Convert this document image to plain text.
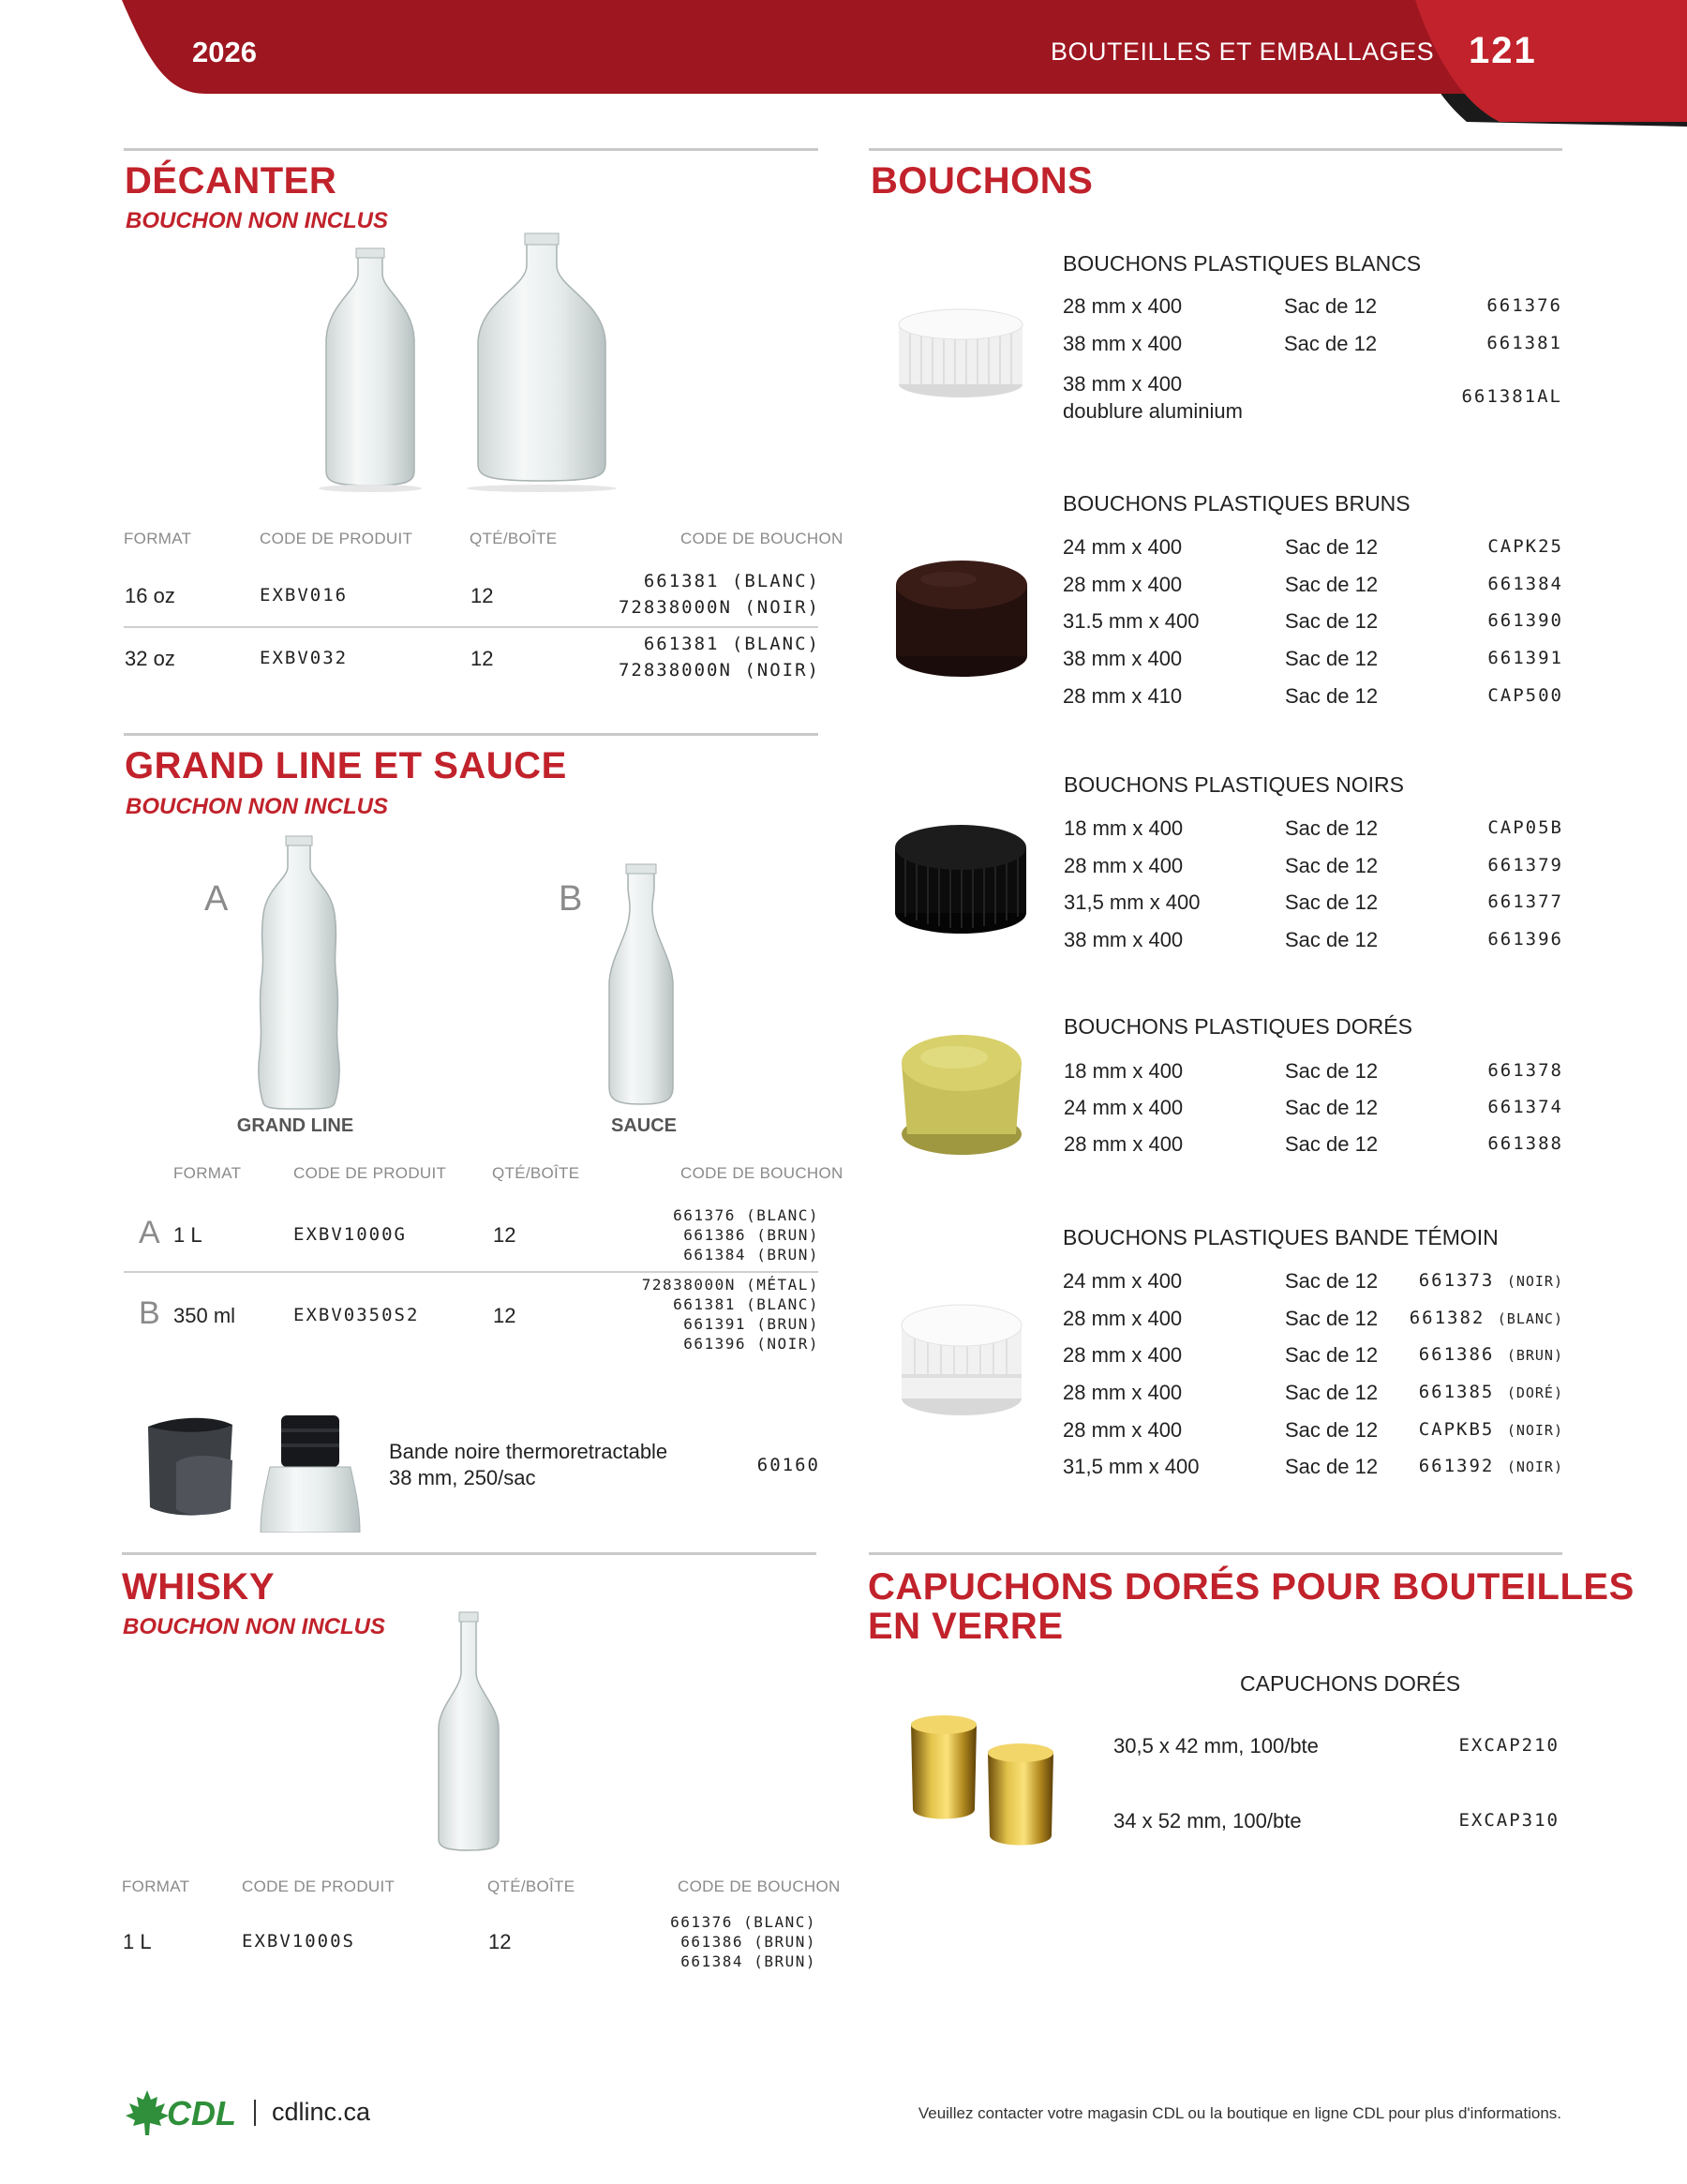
2026	BOUTEILLES ET EMBALLAGES 121
DÉCANTER
BOUCHON NON INCLUS
FORMAT	CODE DE PRODUIT	QTÉ/BOÎTE	CODE DE BOUCHON
16 oz	EXBV016	12
661381 (BLANC)
72838000N (NOIR)
32 oz	EXBV032	12
661381 (BLANC)
72838000N (NOIR)
GRAND LINE ET SAUCE
BOUCHON NON INCLUS
A	B
GRAND LINE	SAUCE
FORMAT	CODE DE PRODUIT	QTÉ/BOÎTE	CODE DE BOUCHON
A 1 L	EXBV1000G	12
661376 (BLANC)
661386 (BRUN)
661384 (BRUN)
B 350 ml	EXBV0350S2	12
72838000N (MÉTAL)
661381 (BLANC)
661391 (BRUN)
661396 (NOIR)
Bande noire thermoretractable
38 mm, 250/sac
60160
WHISKY
BOUCHON NON INCLUS
FORMAT	CODE DE PRODUIT	QTÉ/BOÎTE	CODE DE BOUCHON
1 L	EXBV1000S	12
661376 (BLANC)
661386 (BRUN)
661384 (BRUN)
BOUCHONS
BOUCHONS PLASTIQUES BLANCS
28 mm x 400	Sac de 12	661376
38 mm x 400	Sac de 12	661381
38 mm x 400
doublure aluminium
661381AL
BOUCHONS PLASTIQUES BRUNS
24 mm x 400	Sac de 12	CAPK25
28 mm x 400	Sac de 12	661384
31.5 mm x 400	Sac de 12	661390
38 mm x 400	Sac de 12	661391
28 mm x 410	Sac de 12	CAP500
BOUCHONS PLASTIQUES NOIRS
18 mm x 400	Sac de 12	CAP05B
28 mm x 400	Sac de 12	661379
31,5 mm x 400	Sac de 12	661377
38 mm x 400	Sac de 12	661396
BOUCHONS PLASTIQUES DORÉS
18 mm x 400	Sac de 12	661378
24 mm x 400	Sac de 12	661374
28 mm x 400	Sac de 12	661388
BOUCHONS PLASTIQUES BANDE TÉMOIN
24 mm x 400	Sac de 12	661373 (NOIR)
28 mm x 400	Sac de 12	661382 (BLANC)
28 mm x 400	Sac de 12	661386 (BRUN)
28 mm x 400	Sac de 12	661385 (DORÉ)
28 mm x 400	Sac de 12	CAPKB5 (NOIR)
31,5 mm x 400	Sac de 12	661392 (NOIR)
CAPUCHONS DORÉS POUR BOUTEILLES
EN VERRE
CAPUCHONS DORÉS
30,5 x 42 mm, 100/bte	EXCAP210
34 x 52 mm, 100/bte	EXCAP310
CDL cdlinc.ca	Veuillez contacter votre magasin CDL ou la boutique en ligne CDL pour plus d'informations.
